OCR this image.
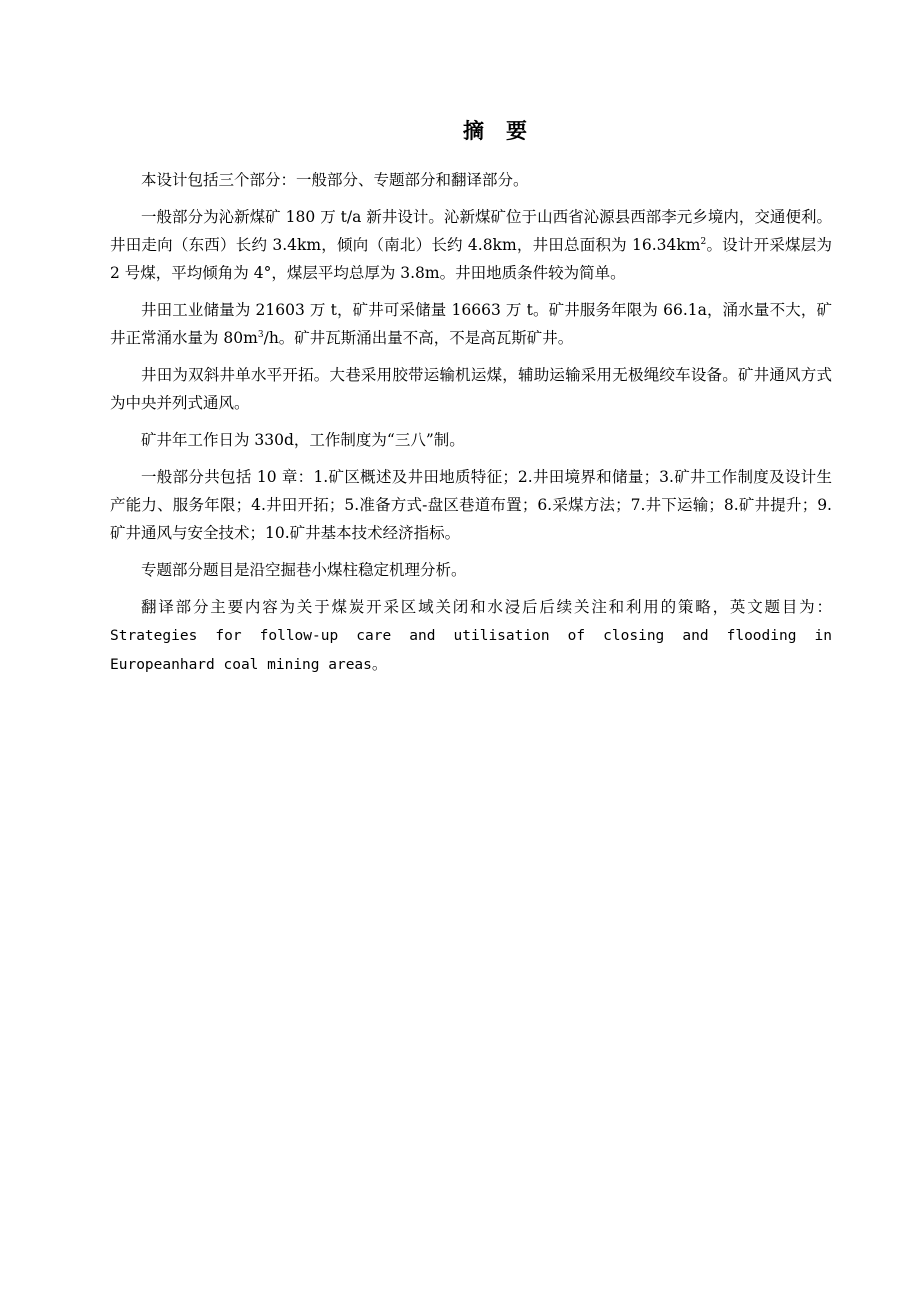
摘 要

本设计包括三个部分：一般部分、专题部分和翻译部分。

一般部分为沁新煤矿 180 万 t/a 新井设计。沁新煤矿位于山西省沁源县西部李元乡境内，交通便利。井田走向（东西）长约 3.4km，倾向（南北）长约 4.8km，井田总面积为 $16.34km^2$。设计开采煤层为 2 号煤，平均倾角为 4°，煤层平均总厚为 3.8m。井田地质条件较为简单。

井田工业储量为 21603 万 t，矿井可采储量 16663 万 t。矿井服务年限为 66.1a，涌水量不大，矿井正常涌水量为 $80m^3/h$。矿井瓦斯涌出量不高，不是高瓦斯矿井。

井田为双斜井单水平开拓。大巷采用胶带运输机运煤，辅助运输采用无极绳绞车设备。矿井通风方式为中央并列式通风。

矿井年工作日为 330d，工作制度为“三八”制。

一般部分共包括 10 章：1.矿区概述及井田地质特征；2.井田境界和储量；3.矿井工作制度及设计生产能力、服务年限；4.井田开拓；5.准备方式-盘区巷道布置；6.采煤方法；7.井下运输；8.矿井提升；9.矿井通风与安全技术；10.矿井基本技术经济指标。

专题部分题目是沿空掘巷小煤柱稳定机理分析。

翻译部分主要内容为关于煤炭开采区域关闭和水浸后后续关注和利用的策略，英文题目为：Strategies for follow-up care and utilisation of closing and flooding in Europeanhard coal mining areas。
